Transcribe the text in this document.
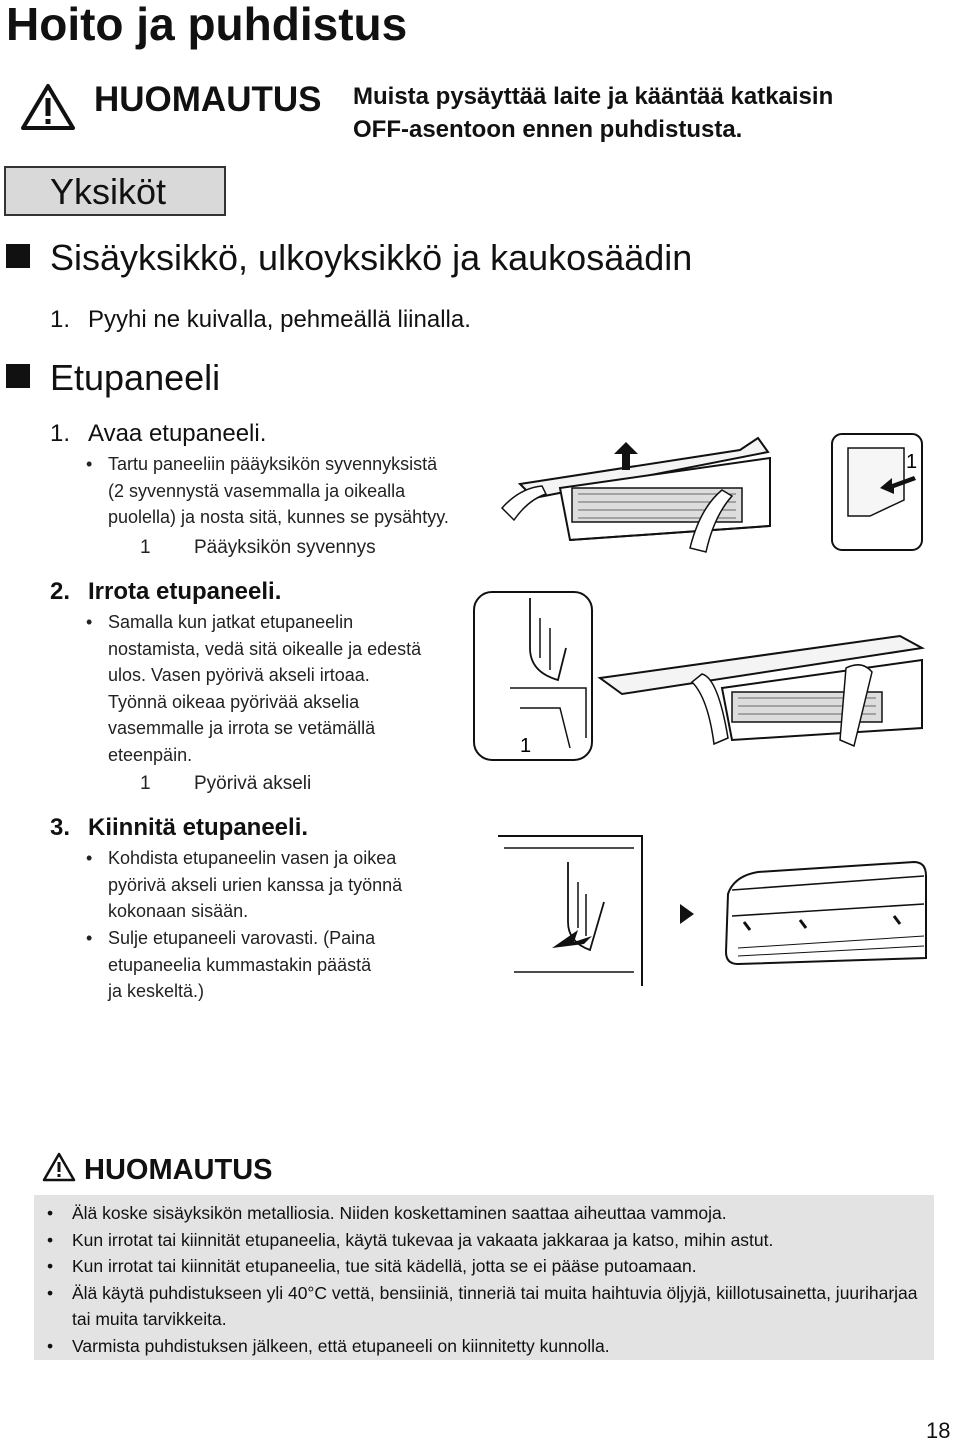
Hoito ja puhdistus
HUOMAUTUS Muista pysäyttää laite ja kääntää katkaisin
OFF-asentoon ennen puhdistusta.
Yksiköt
Sisäyksikkö, ulkoyksikkö ja kaukosäädin
1. Pyyhi ne kuivalla, pehmeällä liinalla.
Etupaneeli
1. Avaa etupaneeli.
• Tartu paneeliin pääyksikön syvennyksistä
(2 syvennystä vasemmalla ja oikealla
puolella) ja nosta sitä, kunnes se pysähtyy.
1 Pääyksikön syvennys
2. Irrota etupaneeli.
• Samalla kun jatkat etupaneelin
nostamista, vedä sitä oikealle ja edestä
ulos. Vasen pyörivä akseli irtoaa.
Työnnä oikeaa pyörivää akselia
vasemmalle ja irrota se vetämällä
eteenpäin.
1 Pyörivä akseli
3. Kiinnitä etupaneeli.
• Kohdista etupaneelin vasen ja oikea
pyörivä akseli urien kanssa ja työnnä
kokonaan sisään.
• Sulje etupaneeli varovasti. (Paina
etupaneelia kummastakin päästä
ja keskeltä.)
1
1
HUOMAUTUS
• Älä koske sisäyksikön metalliosia. Niiden koskettaminen saattaa aiheuttaa vammoja.
• Kun irrotat tai kiinnität etupaneelia, käytä tukevaa ja vakaata jakkaraa ja katso, mihin astut.
• Kun irrotat tai kiinnität etupaneelia, tue sitä kädellä, jotta se ei pääse putoamaan.
• Älä käytä puhdistukseen yli 40°C vettä, bensiiniä, tinneriä tai muita haihtuvia öljyjä, kiillotusainetta, juuriharjaa tai muita tarvikkeita.
• Varmista puhdistuksen jälkeen, että etupaneeli on kiinnitetty kunnolla.
18
